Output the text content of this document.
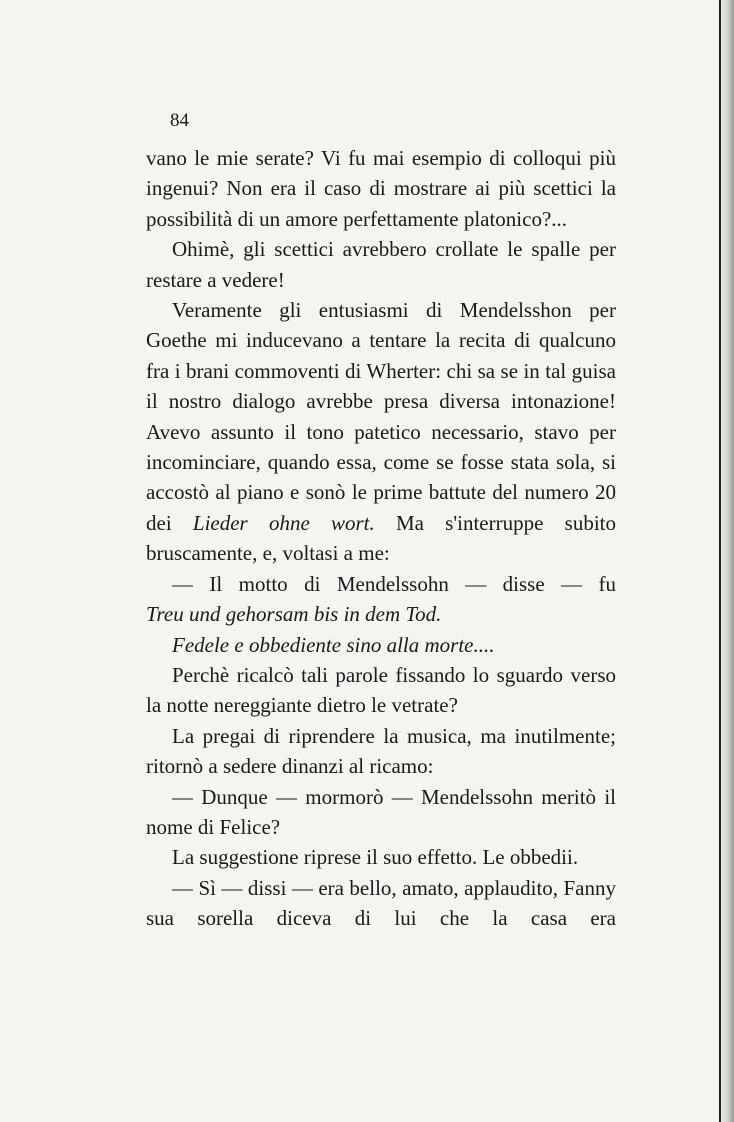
84

vano le mie serate? Vi fu mai esempio di colloqui più ingenui? Non era il caso di mostrare ai più scettici la possibilità di un amore perfettamente platonico?...

Ohimè, gli scettici avrebbero crollate le spalle per restare a vedere!

Veramente gli entusiasmi di Mendelsshon per Goethe mi inducevano a tentare la recita di qualcuno fra i brani commoventi di Wherter: chi sa se in tal guisa il nostro dialogo avrebbe presa diversa intonazione! Avevo assunto il tono patetico necessario, stavo per incominciare, quando essa, come se fosse stata sola, si accostò al piano e sonò le prime battute del numero 20 dei Lieder ohne wort. Ma s'interruppe subito bruscamente, e, voltasi a me:

— Il motto di Mendelssohn — disse — fu

Treu und gehorsam bis in dem Tod.

Fedele e obbediente sino alla morte....

Perchè ricalcò tali parole fissando lo sguardo verso la notte nereggiante dietro le vetrate?

La pregai di riprendere la musica, ma inutilmente; ritornò a sedere dinanzi al ricamo:

— Dunque — mormorò — Mendelssohn meritò il nome di Felice?

La suggestione riprese il suo effetto. Le obbedii.

— Sì — dissi — era bello, amato, applaudito, Fanny sua sorella diceva di lui che la casa era
